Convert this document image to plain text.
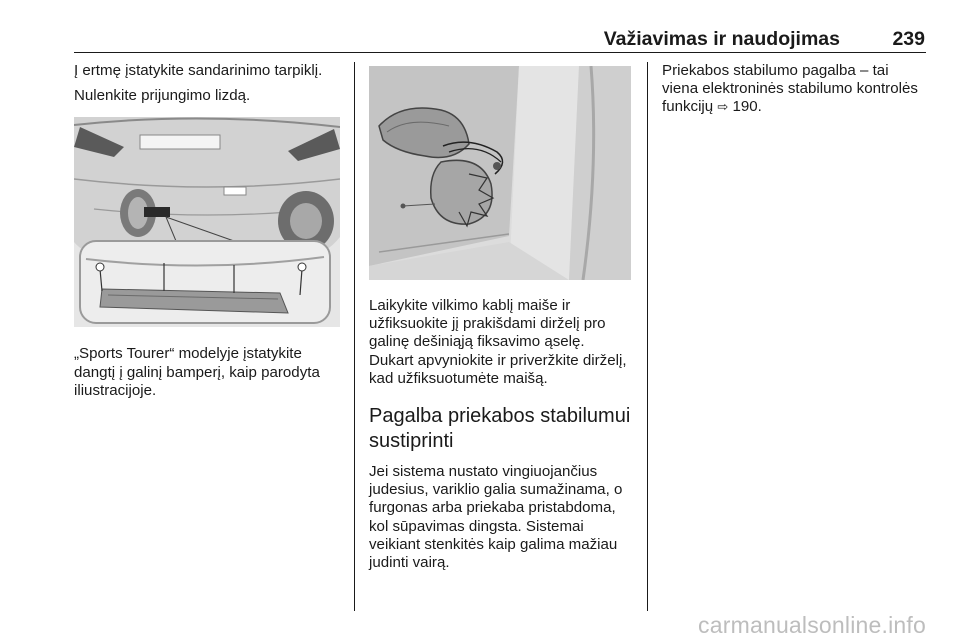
Važiavimas ir naudojimas	239

Į ertmę įstatykite sandarinimo tarpiklį.

Nulenkite prijungimo lizdą.

„Sports Tourer“ modelyje įstatykite dangtį į galinį bamperį, kaip parodyta iliustracijoje.

Laikykite vilkimo kablį maiše ir užfiksuokite jį prakišdami dirželį pro galinę dešiniąją fiksavimo ąselę. Dukart apvyniokite ir priveržkite dirželį, kad užfiksuotumėte maišą.

Pagalba priekabos stabilumui sustiprinti

Jei sistema nustato vingiuojančius judesius, variklio galia sumažinama, o furgonas arba priekaba pristabdoma, kol sūpavimas dingsta. Sistemai veikiant stenkitės kaip galima mažiau judinti vairą.

Priekabos stabilumo pagalba – tai viena elektroninės stabilumo kontrolės funkcijų ⇨ 190.

carmanualsonline.info
